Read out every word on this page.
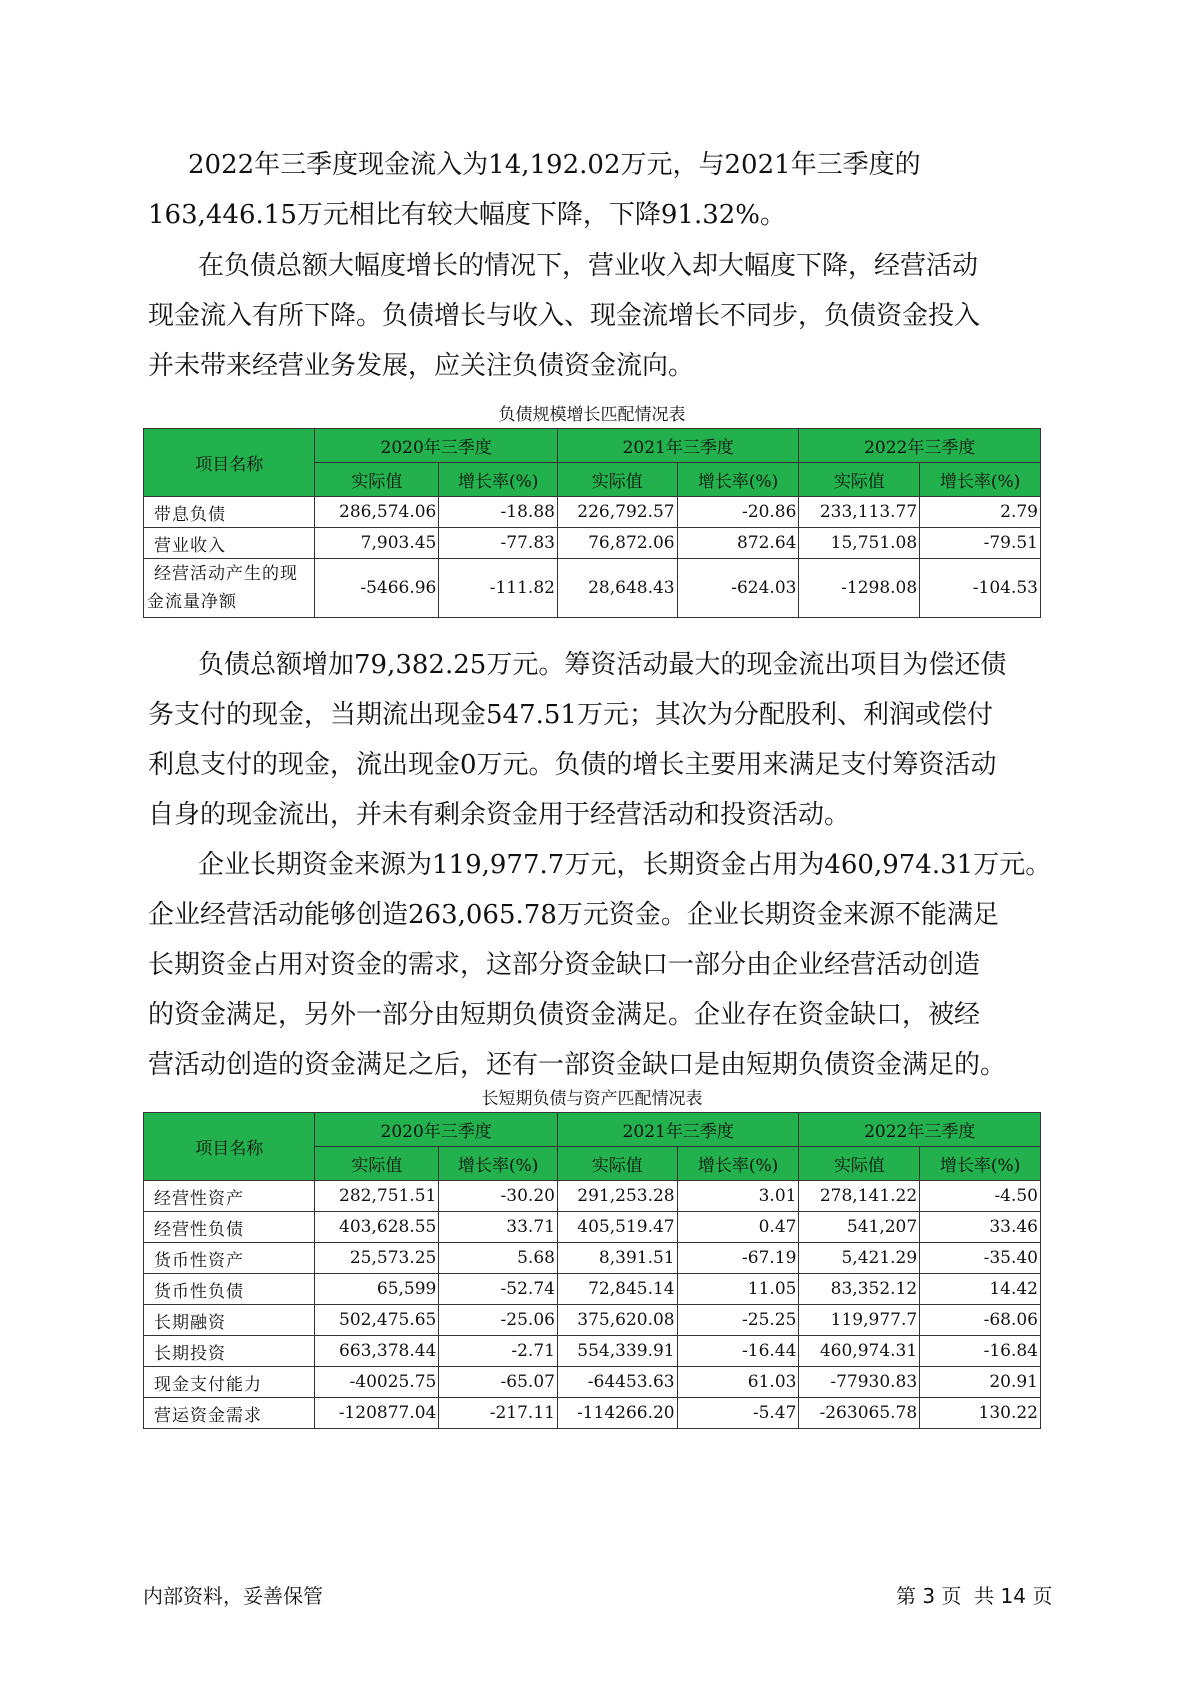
2022年三季度现金流入为14,192.02万元，与2021年三季度的
163,446.15万元相比有较大幅度下降，下降91.32%。
在负债总额大幅度增长的情况下，营业收入却大幅度下降，经营活动
现金流入有所下降。负债增长与收入、现金流增长不同步，负债资金投入
并未带来经营业务发展，应关注负债资金流向。
负债规模增长匹配情况表
项目名称	2020年三季度		2021年三季度		2022年三季度	
	实际值	增长率(%)	实际值	增长率(%)	实际值	增长率(%)
带息负债	286,574.06	-18.88	226,792.57	-20.86	233,113.77	2.79
营业收入	7,903.45	-77.83	76,872.06	872.64	15,751.08	-79.51

经营活动产生的现
金流量净额	-5466.96	-111.82	28,648.43	-624.03	-1298.08	-104.53
负债总额增加79,382.25万元。筹资活动最大的现金流出项目为偿还债
务支付的现金，当期流出现金547.51万元；其次为分配股利、利润或偿付
利息支付的现金，流出现金0万元。负债的增长主要用来满足支付筹资活动
自身的现金流出，并未有剩余资金用于经营活动和投资活动。
企业长期资金来源为119,977.7万元，长期资金占用为460,974.31万元。
企业经营活动能够创造263,065.78万元资金。企业长期资金来源不能满足
长期资金占用对资金的需求，这部分资金缺口一部分由企业经营活动创造
的资金满足，另外一部分由短期负债资金满足。企业存在资金缺口，被经
营活动创造的资金满足之后，还有一部资金缺口是由短期负债资金满足的。
长短期负债与资产匹配情况表
项目名称	2020年三季度		2021年三季度		2022年三季度	
	实际值	增长率(%)	实际值	增长率(%)	实际值	增长率(%)
经营性资产	282,751.51	-30.20	291,253.28	3.01	278,141.22	-4.50
经营性负债	403,628.55	33.71	405,519.47	0.47	541,207	33.46
货币性资产	25,573.25	5.68	8,391.51	-67.19	5,421.29	-35.40
货币性负债	65,599	-52.74	72,845.14	11.05	83,352.12	14.42
长期融资	502,475.65	-25.06	375,620.08	-25.25	119,977.7	-68.06
长期投资	663,378.44	-2.71	554,339.91	-16.44	460,974.31	-16.84
现金支付能力	-40025.75	-65.07	-64453.63	61.03	-77930.83	20.91
营运资金需求	-120877.04	-217.11	-114266.20	-5.47	-263065.78	130.22
内部资料，妥善保管	第 3 页  共 14 页
